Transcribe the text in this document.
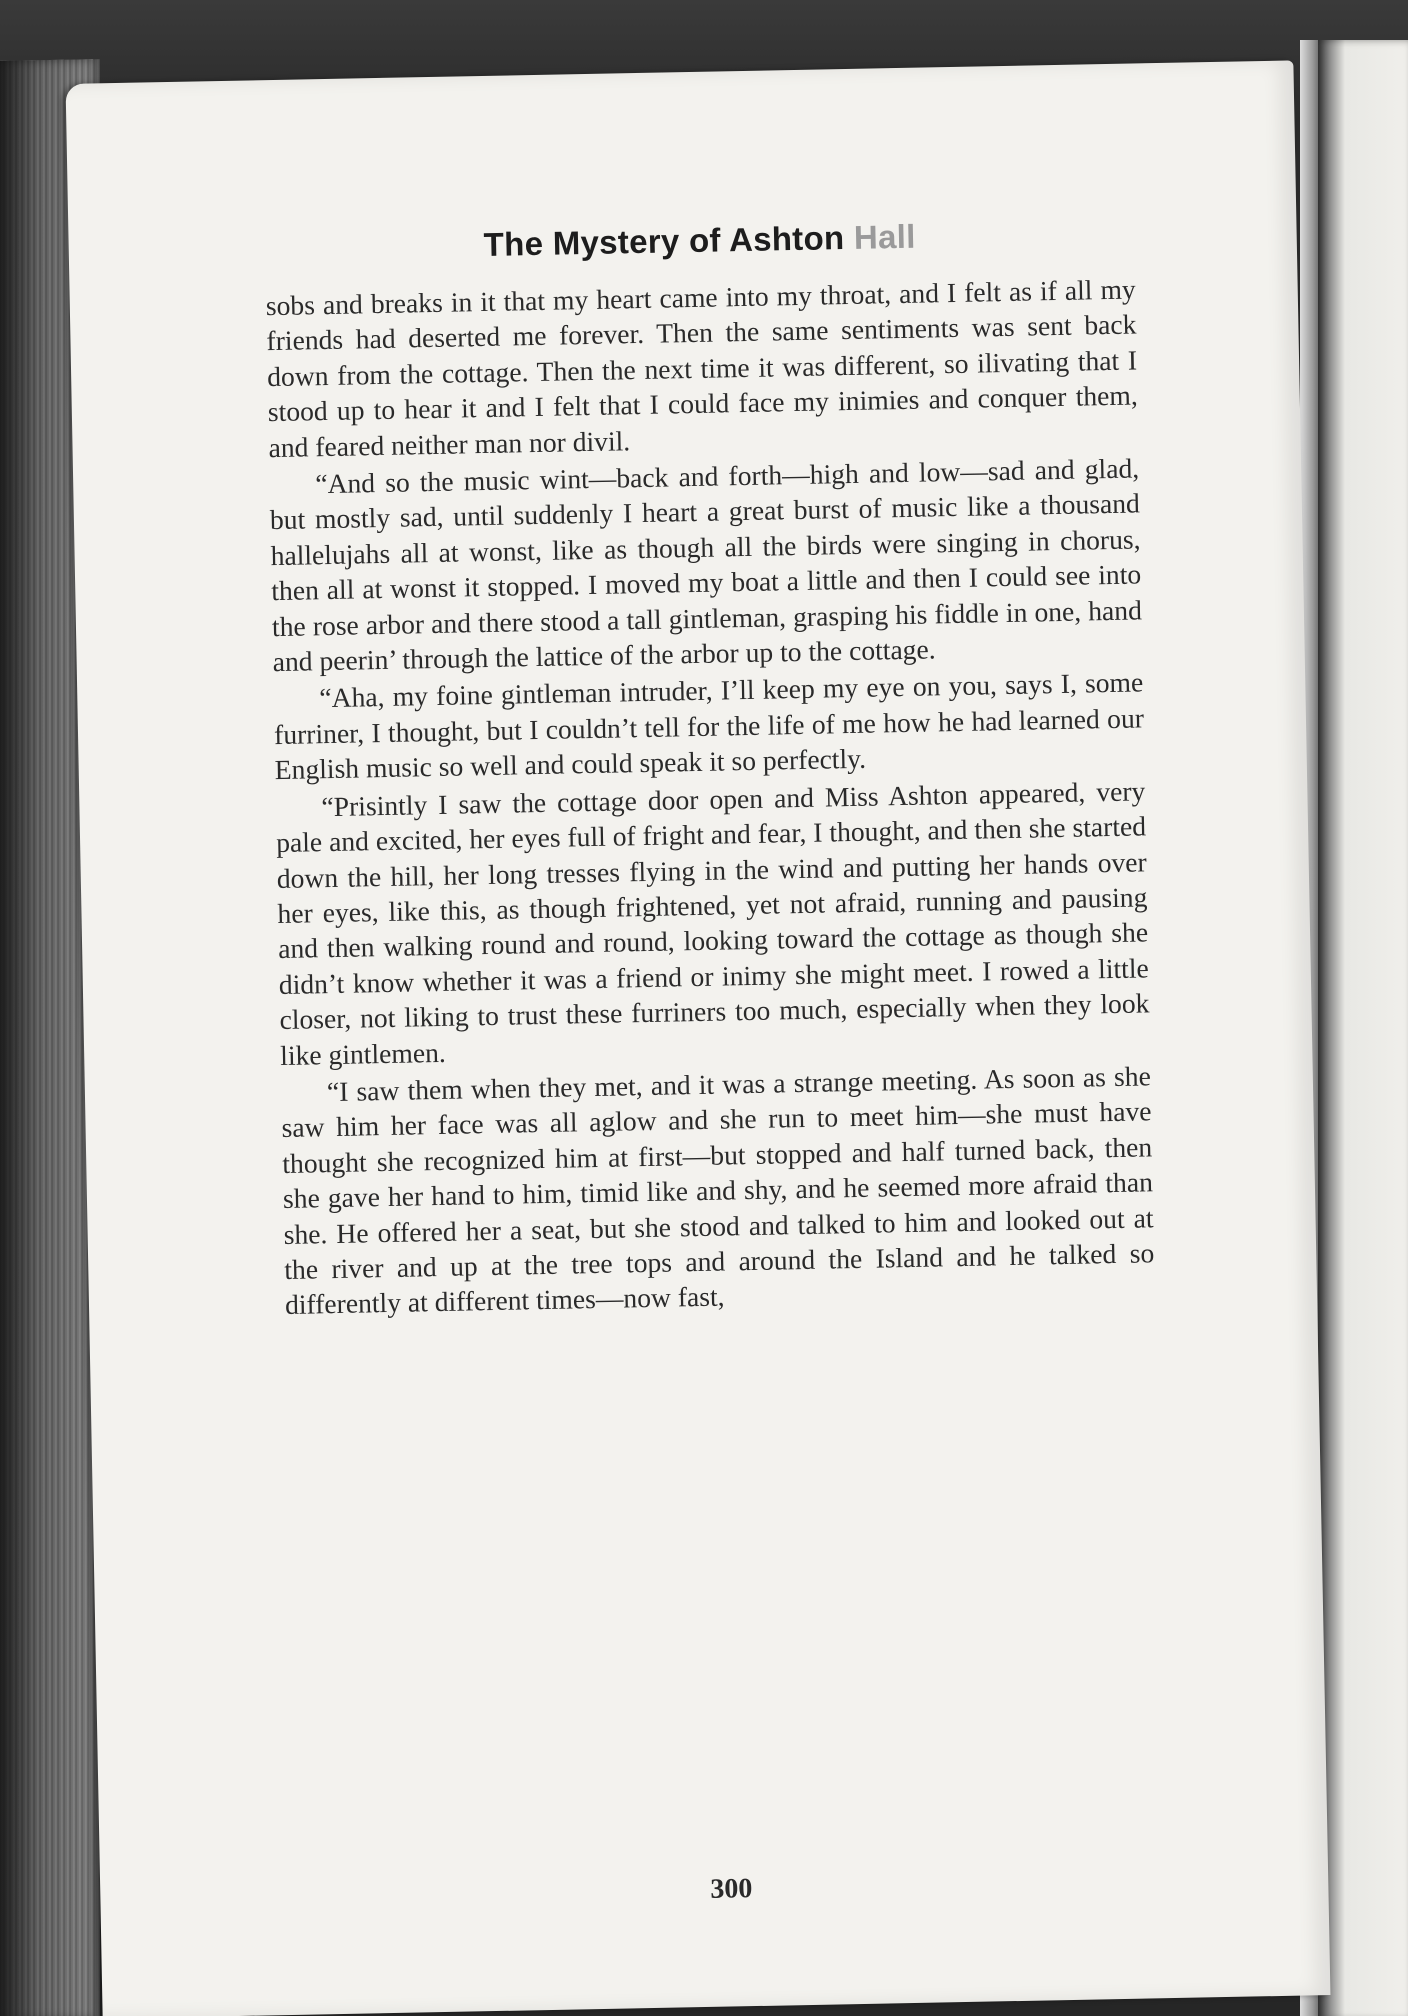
The Mystery of Ashton Hall

sobs and breaks in it that my heart came into my throat, and I felt as if all my friends had deserted me forever. Then the same sentiments was sent back down from the cottage. Then the next time it was different, so ilivating that I stood up to hear it and I felt that I could face my inimies and conquer them, and feared neither man nor divil.

“And so the music wint—back and forth—high and low—sad and glad, but mostly sad, until suddenly I heart a great burst of music like a thousand hallelujahs all at wonst, like as though all the birds were singing in chorus, then all at wonst it stopped. I moved my boat a little and then I could see into the rose arbor and there stood a tall gintleman, grasping his fiddle in one, hand and peerin’ through the lattice of the arbor up to the cottage.

“Aha, my foine gintleman intruder, I’ll keep my eye on you, says I, some furriner, I thought, but I couldn’t tell for the life of me how he had learned our English music so well and could speak it so perfectly.

“Prisintly I saw the cottage door open and Miss Ashton appeared, very pale and excited, her eyes full of fright and fear, I thought, and then she started down the hill, her long tresses flying in the wind and putting her hands over her eyes, like this, as though frightened, yet not afraid, running and pausing and then walking round and round, looking toward the cottage as though she didn’t know whether it was a friend or inimy she might meet. I rowed a little closer, not liking to trust these furriners too much, especially when they look like gintlemen.

“I saw them when they met, and it was a strange meeting. As soon as she saw him her face was all aglow and she run to meet him—she must have thought she recognized him at first—but stopped and half turned back, then she gave her hand to him, timid like and shy, and he seemed more afraid than she. He offered her a seat, but she stood and talked to him and looked out at the river and up at the tree tops and around the Island and he talked so differently at different times—now fast,

300
